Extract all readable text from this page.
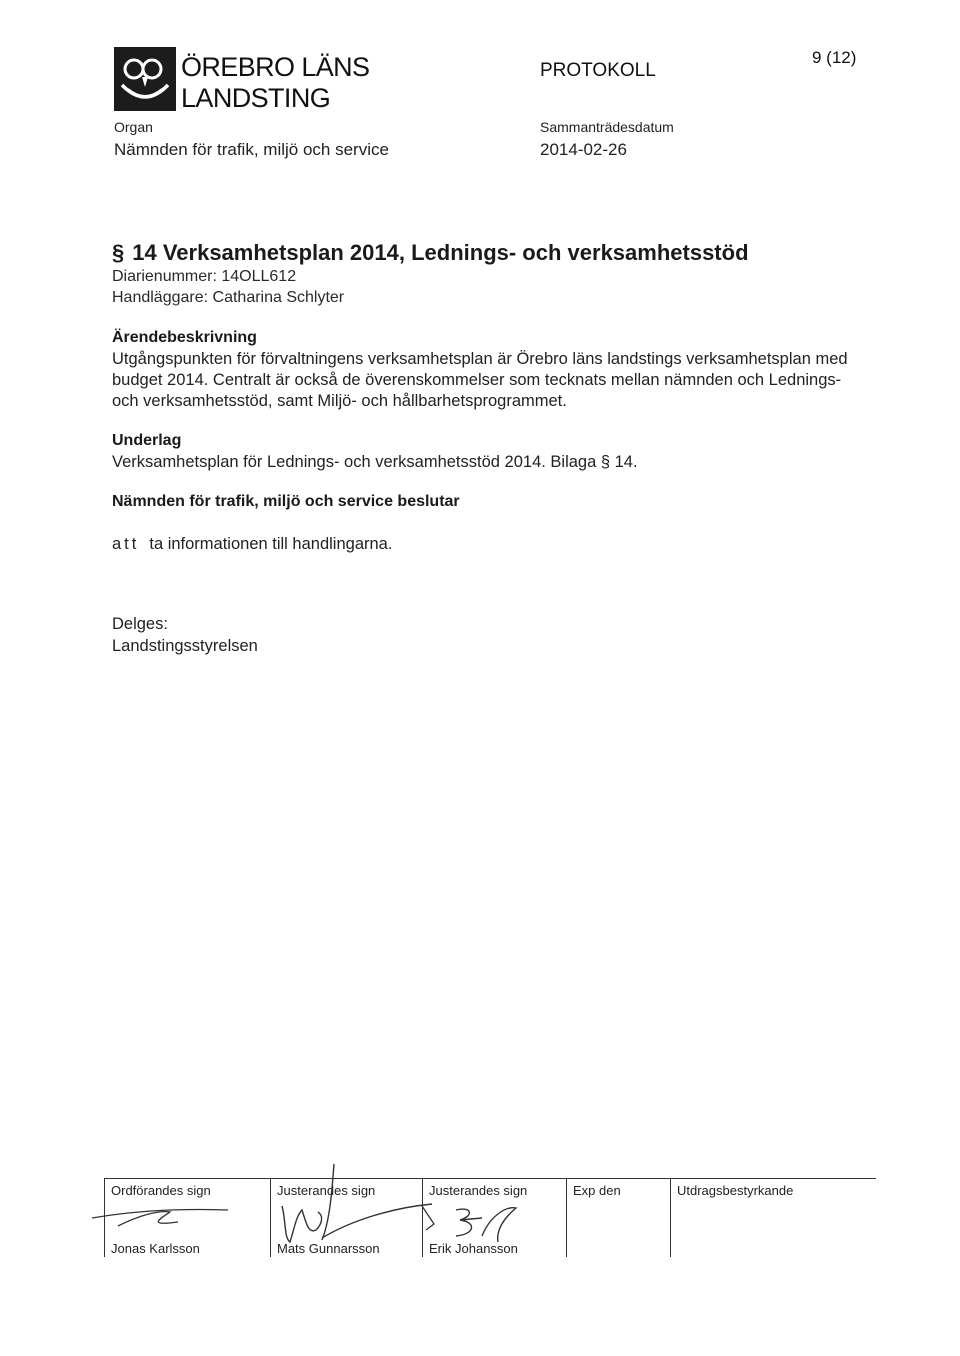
ÖREBRO LÄNS
LANDSTING
PROTOKOLL
9 (12)
Organ
Nämnden för trafik, miljö och service
Sammanträdesdatum
2014-02-26
§ 14 Verksamhetsplan 2014, Lednings- och verksamhetsstöd
Diarienummer: 14OLL612
Handläggare: Catharina Schlyter
Ärendebeskrivning
Utgångspunkten för förvaltningens verksamhetsplan är Örebro läns landstings verksamhetsplan med budget 2014. Centralt är också de överenskommelser som tecknats mellan nämnden och Lednings- och verksamhetsstöd, samt Miljö- och hållbarhetsprogrammet.
Underlag
Verksamhetsplan för Lednings- och verksamhetsstöd 2014. Bilaga § 14.
Nämnden för trafik, miljö och service beslutar
att ta informationen till handlingarna.
Delges:
Landstingsstyrelsen
Ordförandes sign
Jonas Karlsson
Justerandes sign
Mats Gunnarsson
Justerandes sign
Erik Johansson
Exp den	Utdragsbestyrkande
